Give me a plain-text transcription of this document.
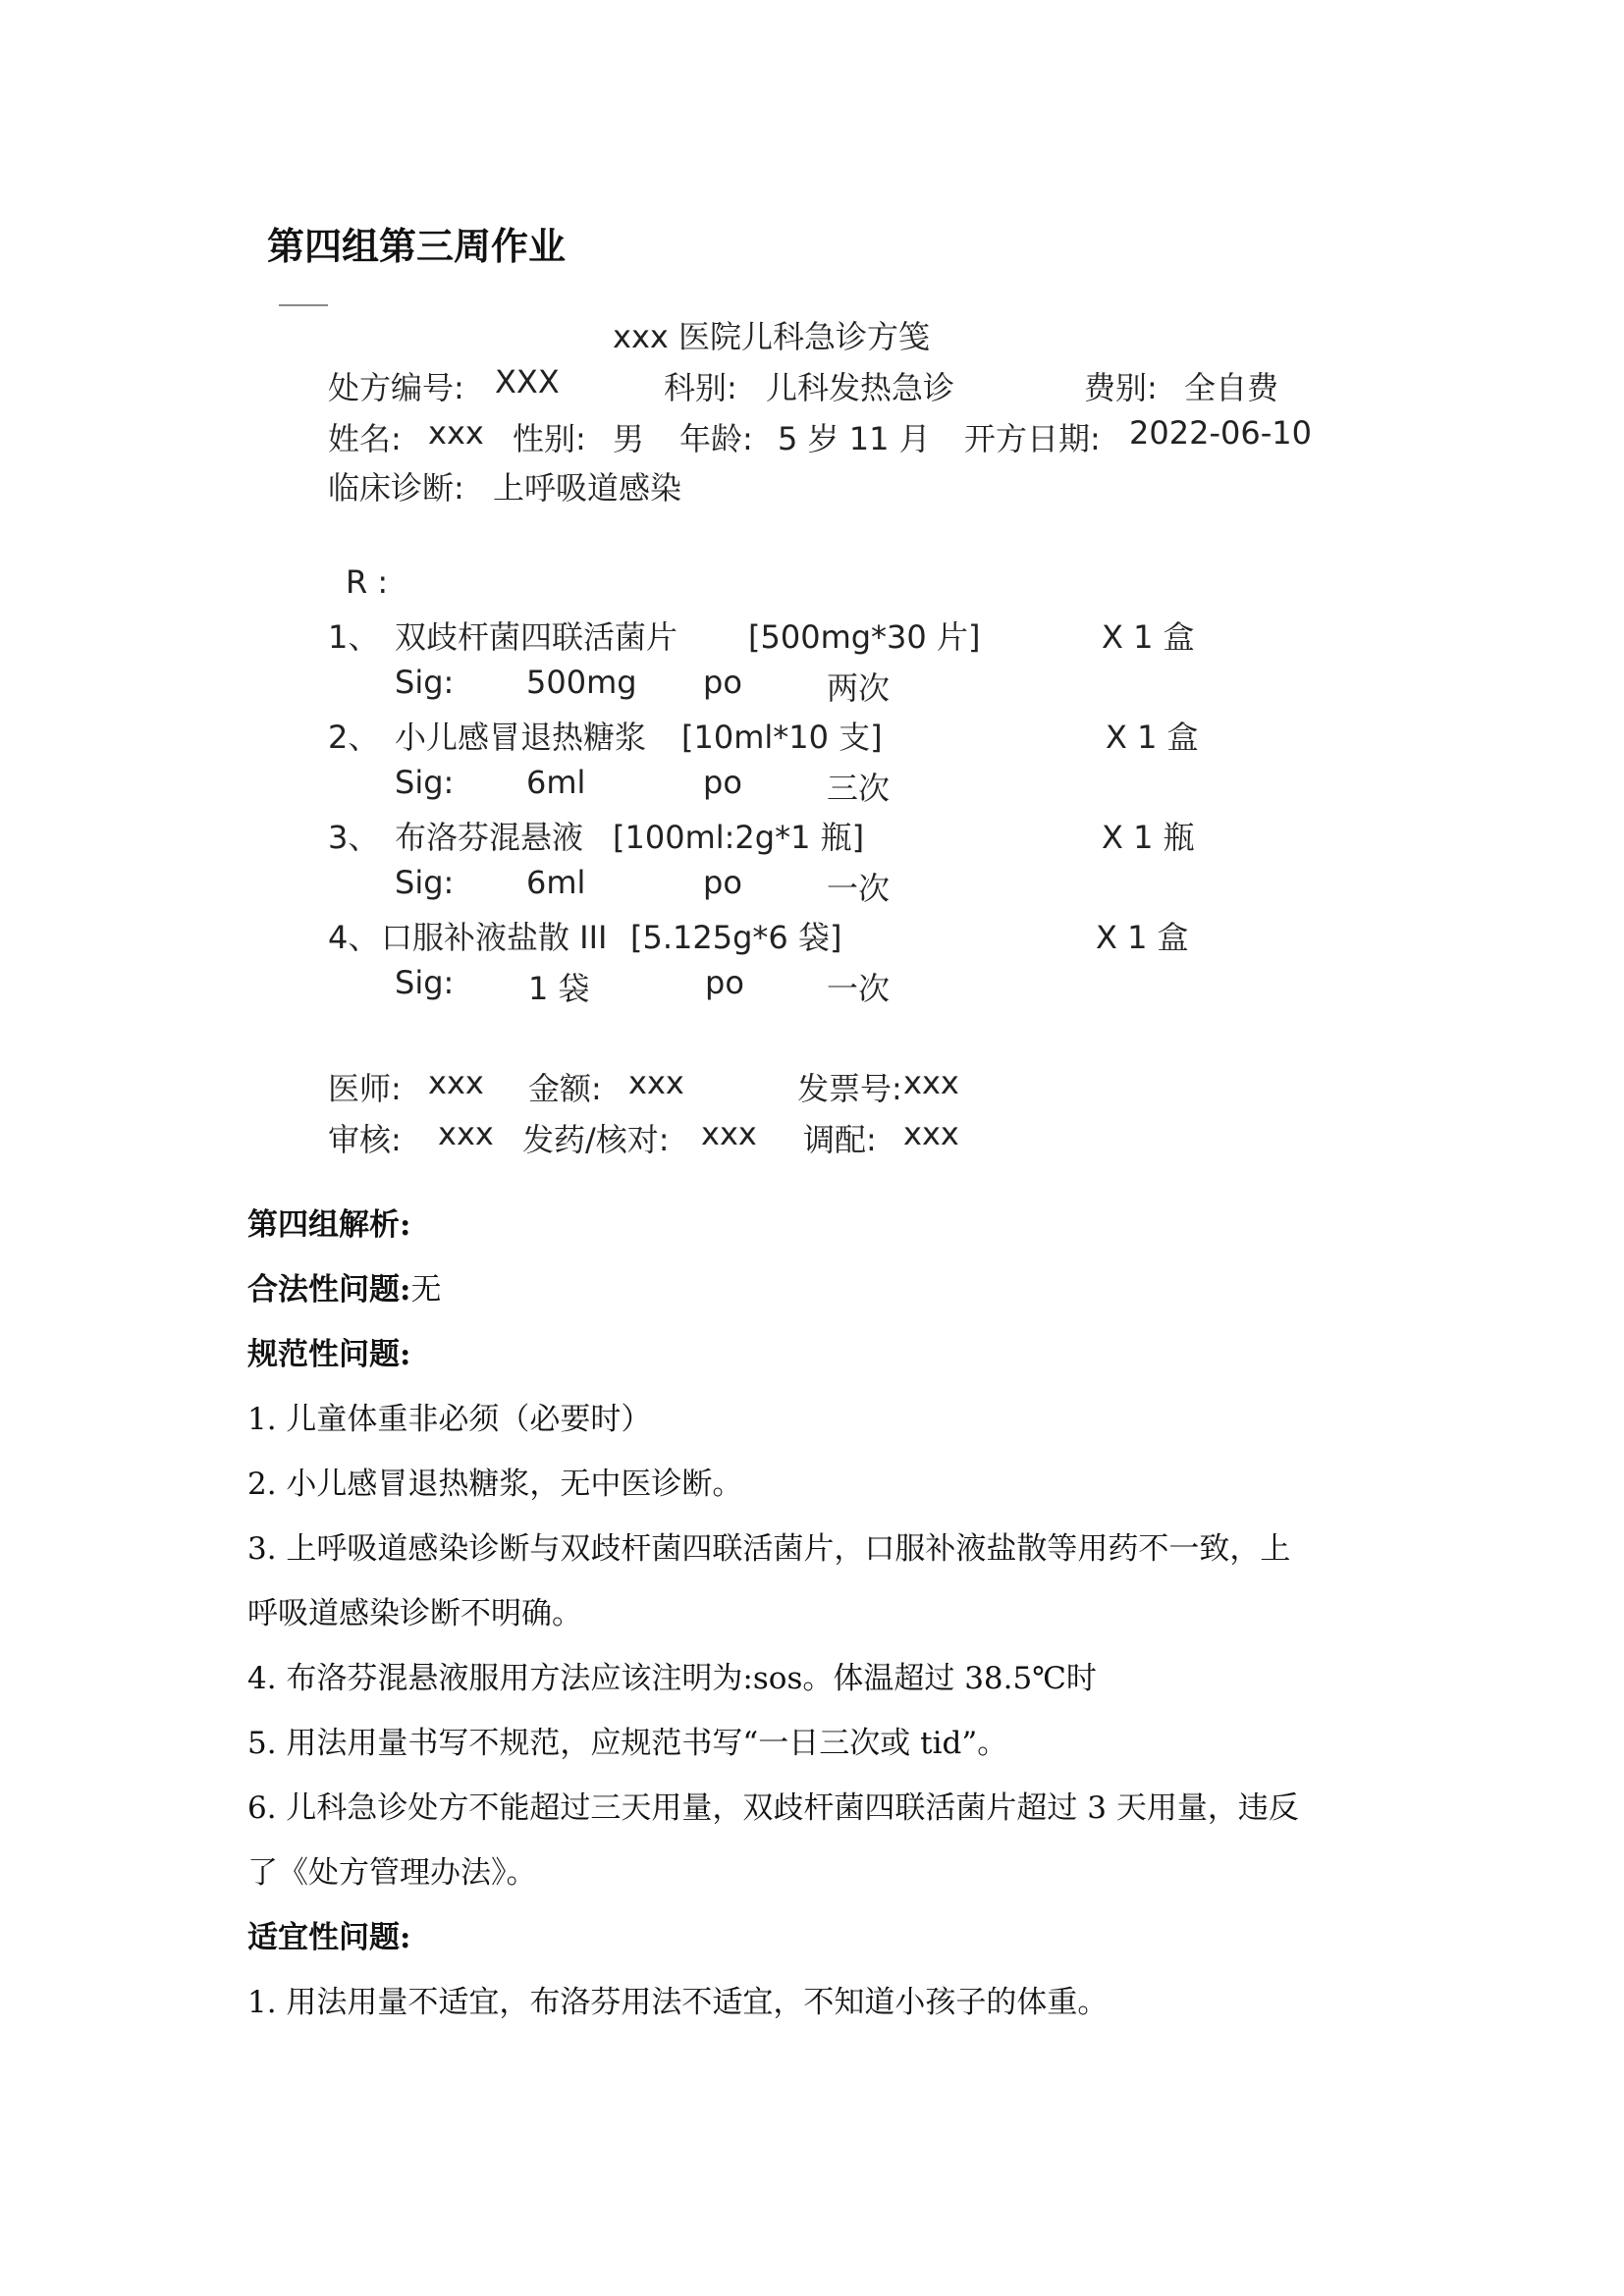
第四组第三周作业
xxx 医院儿科急诊方笺
处方编号: XXX	科别: 儿科发热急诊	费别: 全自费
姓名: xxx 性别: 男 年龄: 5 岁 11 月 开方日期: 2022-06-10
临床诊断: 上呼吸道感染
R :
1、 双歧杆菌四联活菌片 [500mg*30 片]	X 1 盒
Sig: 500mg po	两次
2、 小儿感冒退热糖浆 [10ml*10 支]	X 1 盒
Sig: 6ml	po	三次
3、 布洛芬混悬液 [100ml:2g*1 瓶]	X 1 瓶
Sig: 6ml	po	一次
4、 口服补液盐散 III [5.125g*6 袋]	X 1 盒
Sig: 1 袋	po	一次
医师: xxx 金额: xxx	发票号: xxx
审核: xxx 发药/核对: xxx 调配: xxx
第四组解析:
合法性问题:无
规范性问题:
1. 儿童体重非必须（必要时）
2. 小儿感冒退热糖浆，无中医诊断。
3. 上呼吸道感染诊断与双歧杆菌四联活菌片，口服补液盐散等用药不一致，上
呼吸道感染诊断不明确。
4. 布洛芬混悬液服用方法应该注明为:sos。体温超过 38.5℃时
5. 用法用量书写不规范，应规范书写“一日三次或 tid”。
6. 儿科急诊处方不能超过三天用量，双歧杆菌四联活菌片超过 3 天用量，违反
了《处方管理办法》。
适宜性问题:
1. 用法用量不适宜，布洛芬用法不适宜，不知道小孩子的体重。
